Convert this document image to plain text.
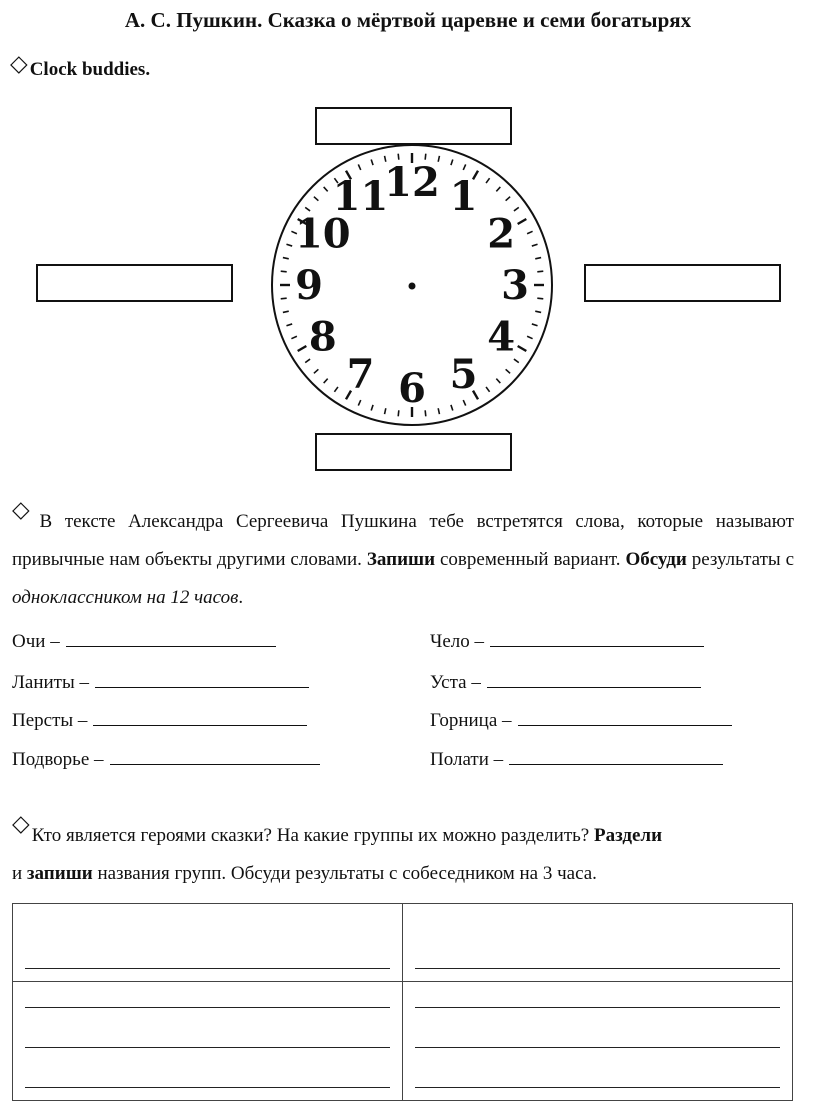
А. С. Пушкин. Сказка о мёртвой царевне и семи богатырях
◇ Clock buddies.
12 1
2
3
4
5
6
7
8
9
10
11
◇ В тексте Александра Сергеевича Пушкина тебе встретятся слова, которые называют привычные нам объекты другими словами. Запиши современный вариант. Обсуди результаты с одноклассником на 12 часов.
Очи –	Чело –
Ланиты –	Уста –
Персты –	Горница –
Подворье –	Полати –
◇ Кто является героями сказки? На какие группы их можно разделить? Раздели
и запиши названия групп. Обсуди результаты с собеседником на 3 часа.
